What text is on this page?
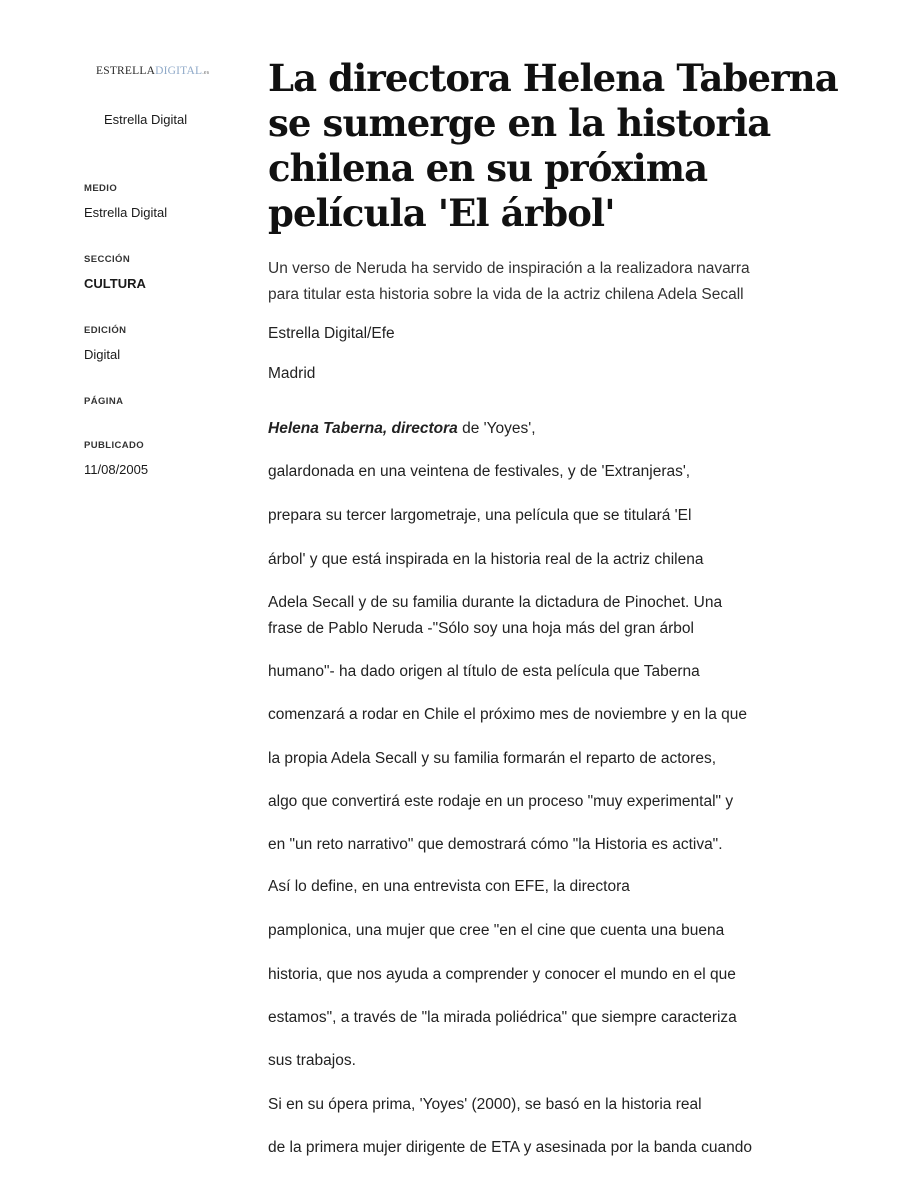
ESTRELLADIGITAL.es
Estrella Digital
MEDIO
Estrella Digital
SECCIÓN
CULTURA
EDICIÓN
Digital
PÁGINA
PUBLICADO
11/08/2005
La directora Helena Taberna
se sumerge en la historia
chilena en su próxima
película 'El árbol'
Un verso de Neruda ha servido de inspiración a la realizadora navarra
para titular esta historia sobre la vida de la actriz chilena Adela Secall
Estrella Digital/Efe
Madrid
Helena Taberna, directora de 'Yoyes',
galardonada en una veintena de festivales, y de 'Extranjeras',
prepara su tercer largometraje, una película que se titulará 'El
árbol' y que está inspirada en la historia real de la actriz chilena
Adela Secall y de su familia durante la dictadura de Pinochet. Una
frase de Pablo Neruda -"Sólo soy una hoja más del gran árbol
humano"- ha dado origen al título de esta película que Taberna
comenzará a rodar en Chile el próximo mes de noviembre y en la que
la propia Adela Secall y su familia formarán el reparto de actores,
algo que convertirá este rodaje en un proceso "muy experimental" y
en "un reto narrativo" que demostrará cómo "la Historia es activa".
Así lo define, en una entrevista con EFE, la directora
pamplonica, una mujer que cree "en el cine que cuenta una buena
historia, que nos ayuda a comprender y conocer el mundo en el que
estamos", a través de "la mirada poliédrica" que siempre caracteriza
sus trabajos.
Si en su ópera prima, 'Yoyes' (2000), se basó en la historia real
de la primera mujer dirigente de ETA y asesinada por la banda cuando
